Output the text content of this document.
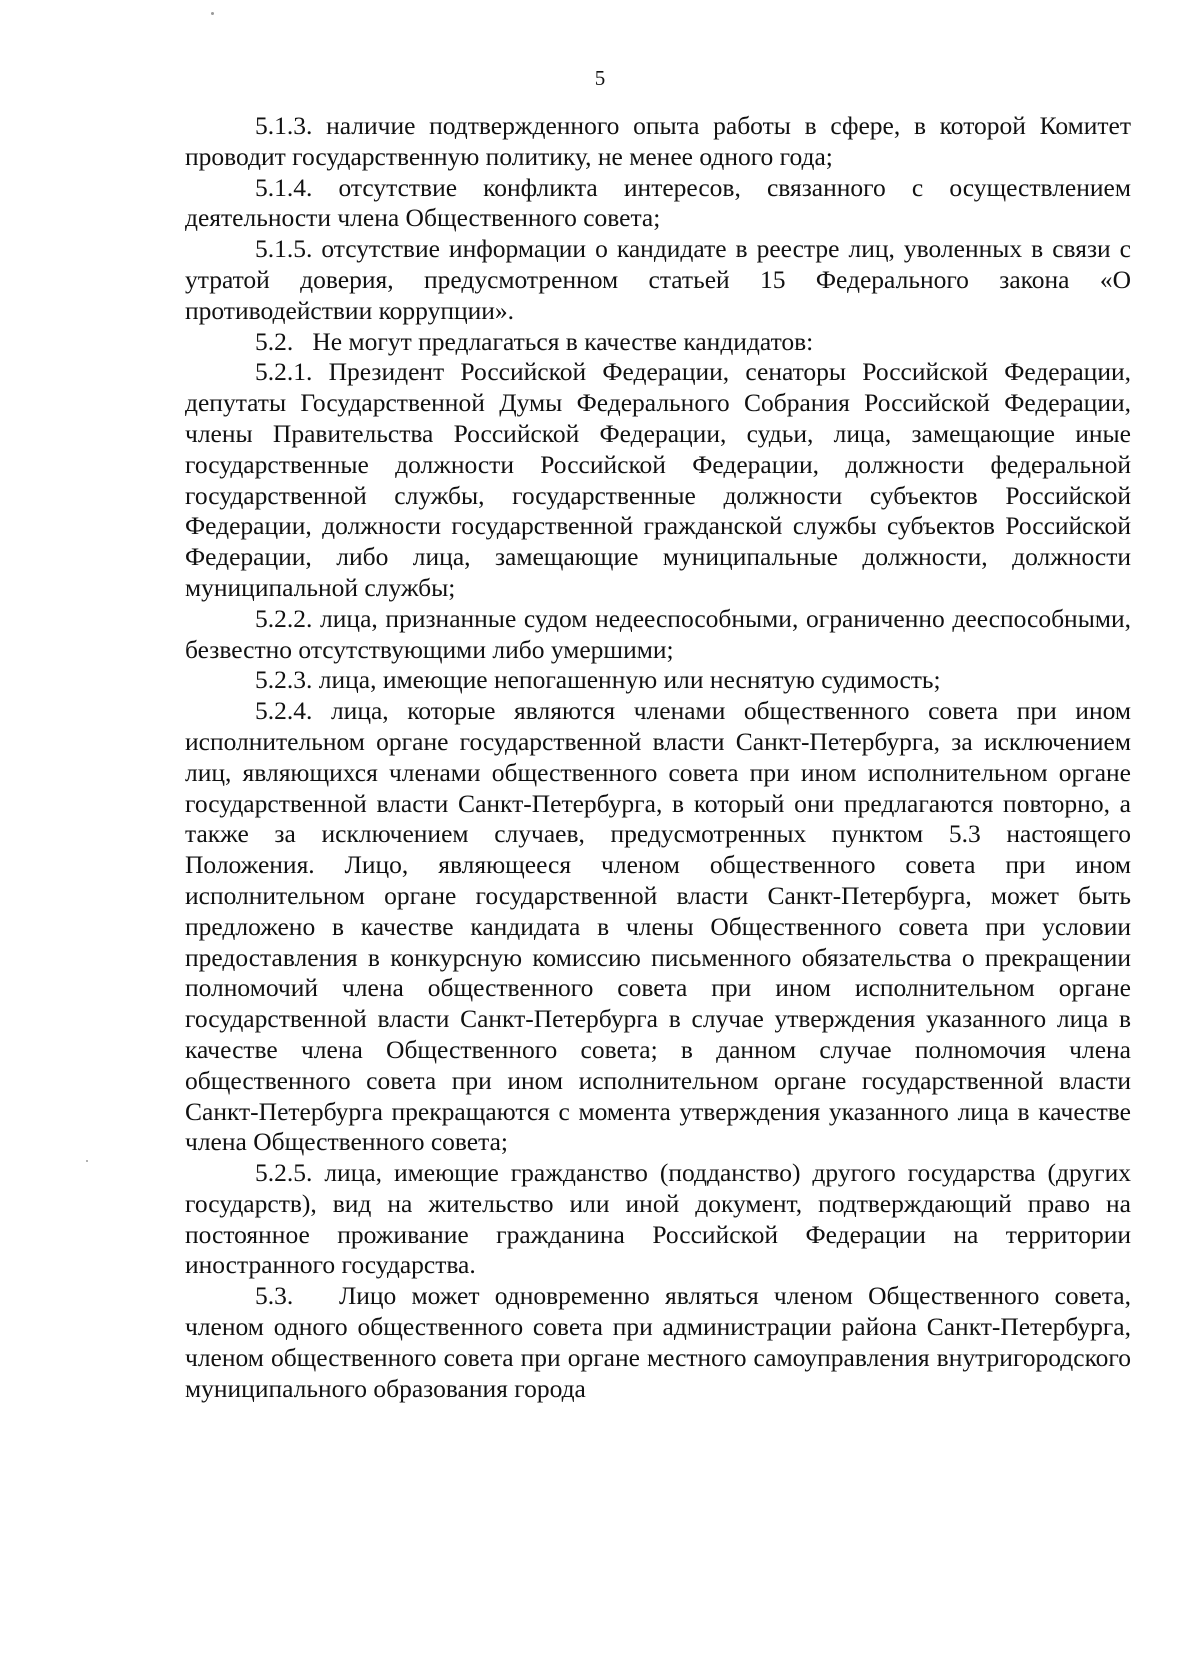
5

5.1.3. наличие подтвержденного опыта работы в сфере, в которой Комитет проводит государственную политику, не менее одного года;

5.1.4. отсутствие конфликта интересов, связанного с осуществлением деятельности члена Общественного совета;

5.1.5. отсутствие информации о кандидате в реестре лиц, уволенных в связи с утратой доверия, предусмотренном статьей 15 Федерального закона «О противодействии коррупции».

5.2.   Не могут предлагаться в качестве кандидатов:

5.2.1. Президент Российской Федерации, сенаторы Российской Федерации, депутаты Государственной Думы Федерального Собрания Российской Федерации, члены Правительства Российской Федерации, судьи, лица, замещающие иные государственные должности Российской Федерации, должности федеральной государственной службы, государственные должности субъектов Российской Федерации, должности государственной гражданской службы субъектов Российской Федерации, либо лица, замещающие муниципальные должности, должности муниципальной службы;

5.2.2. лица, признанные судом недееспособными, ограниченно дееспособными, безвестно отсутствующими либо умершими;

5.2.3. лица, имеющие непогашенную или неснятую судимость;

5.2.4. лица, которые являются членами общественного совета при ином исполнительном органе государственной власти Санкт-Петербурга, за исключением лиц, являющихся членами общественного совета при ином исполнительном органе государственной власти Санкт-Петербурга, в который они предлагаются повторно, а также за исключением случаев, предусмотренных пунктом 5.3 настоящего Положения. Лицо, являющееся членом общественного совета при ином исполнительном органе государственной власти Санкт-Петербурга, может быть предложено в качестве кандидата в члены Общественного совета при условии предоставления в конкурсную комиссию письменного обязательства о прекращении полномочий члена общественного совета при ином исполнительном органе государственной власти Санкт-Петербурга в случае утверждения указанного лица в качестве члена Общественного совета; в данном случае полномочия члена общественного совета при ином исполнительном органе государственной власти Санкт-Петербурга прекращаются с момента утверждения указанного лица в качестве члена Общественного совета;

5.2.5. лица, имеющие гражданство (подданство) другого государства (других государств), вид на жительство или иной документ, подтверждающий право на постоянное проживание гражданина Российской Федерации на территории иностранного государства.

5.3.   Лицо может одновременно являться членом Общественного совета, членом одного общественного совета при администрации района Санкт-Петербурга, членом общественного совета при органе местного самоуправления внутригородского муниципального образования города
